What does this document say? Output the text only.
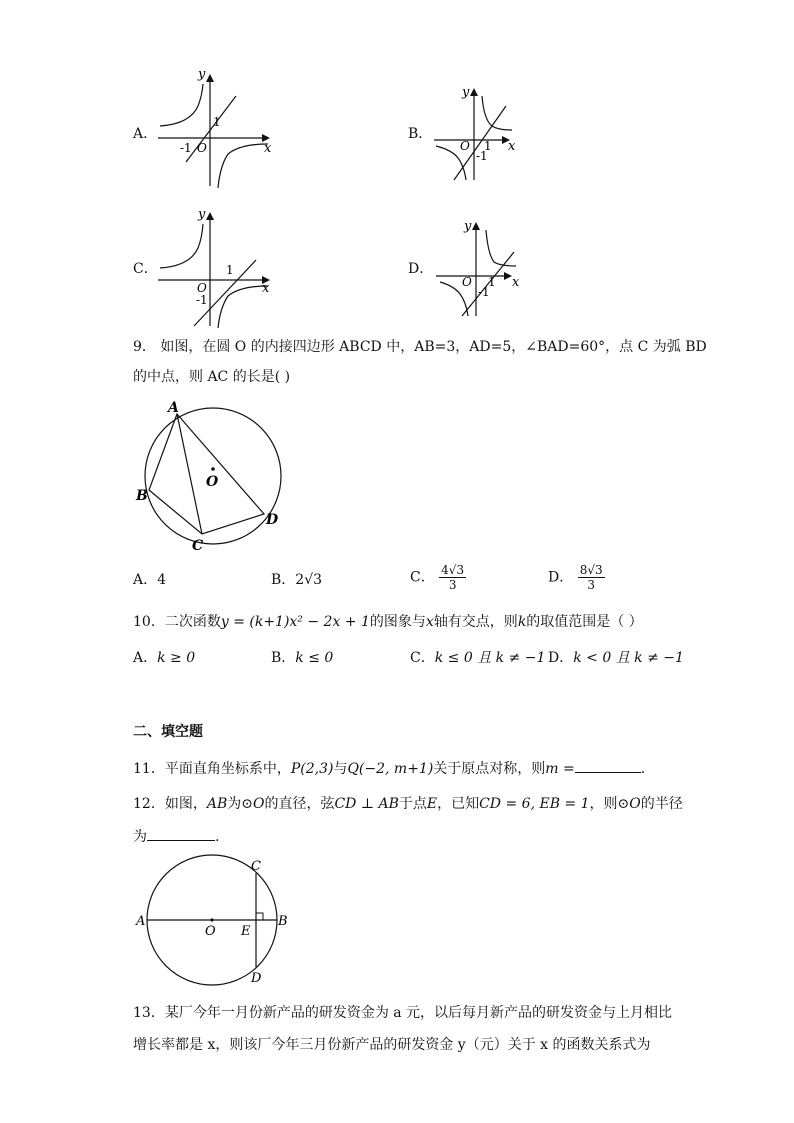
A．
y
x
O
-1
1
B．
y
x
O
-1
1
C．
y
x
O
-1
1	D．
y
x
O
-1
1
9． 如图，在圆 O 的内接四边形 ABCD 中，AB=3，AD=5，∠BAD=60°，点 C 为弧 BD
的中点，则 AC 的长是( )
A
B
C
D
O
A．4	B．2√3	C． $\frac{4√3}{3}$	D． $\frac{8√3}{3}$
10．二次函数y = (k+1)x² − 2x + 1的图象与x轴有交点，则k的取值范围是（ ）
A．k ≥ 0	B．k ≤ 0	C．k ≤ 0 且 k ≠ −1 D．k < 0 且 k ≠ −1
二、填空题
11．平面直角坐标系中，P(2,3)与Q(−2, m+1)关于原点对称，则m =	.
12．如图，AB为⊙O的直径，弦CD ⊥ AB于点E，已知CD = 6, EB = 1，则⊙O的半径
为	.
A	B
C
D
O E
13．某厂今年一月份新产品的研发资金为 a 元，以后每月新产品的研发资金与上月相比
增长率都是 x，则该厂今年三月份新产品的研发资金 y（元）关于 x 的函数关系式为
